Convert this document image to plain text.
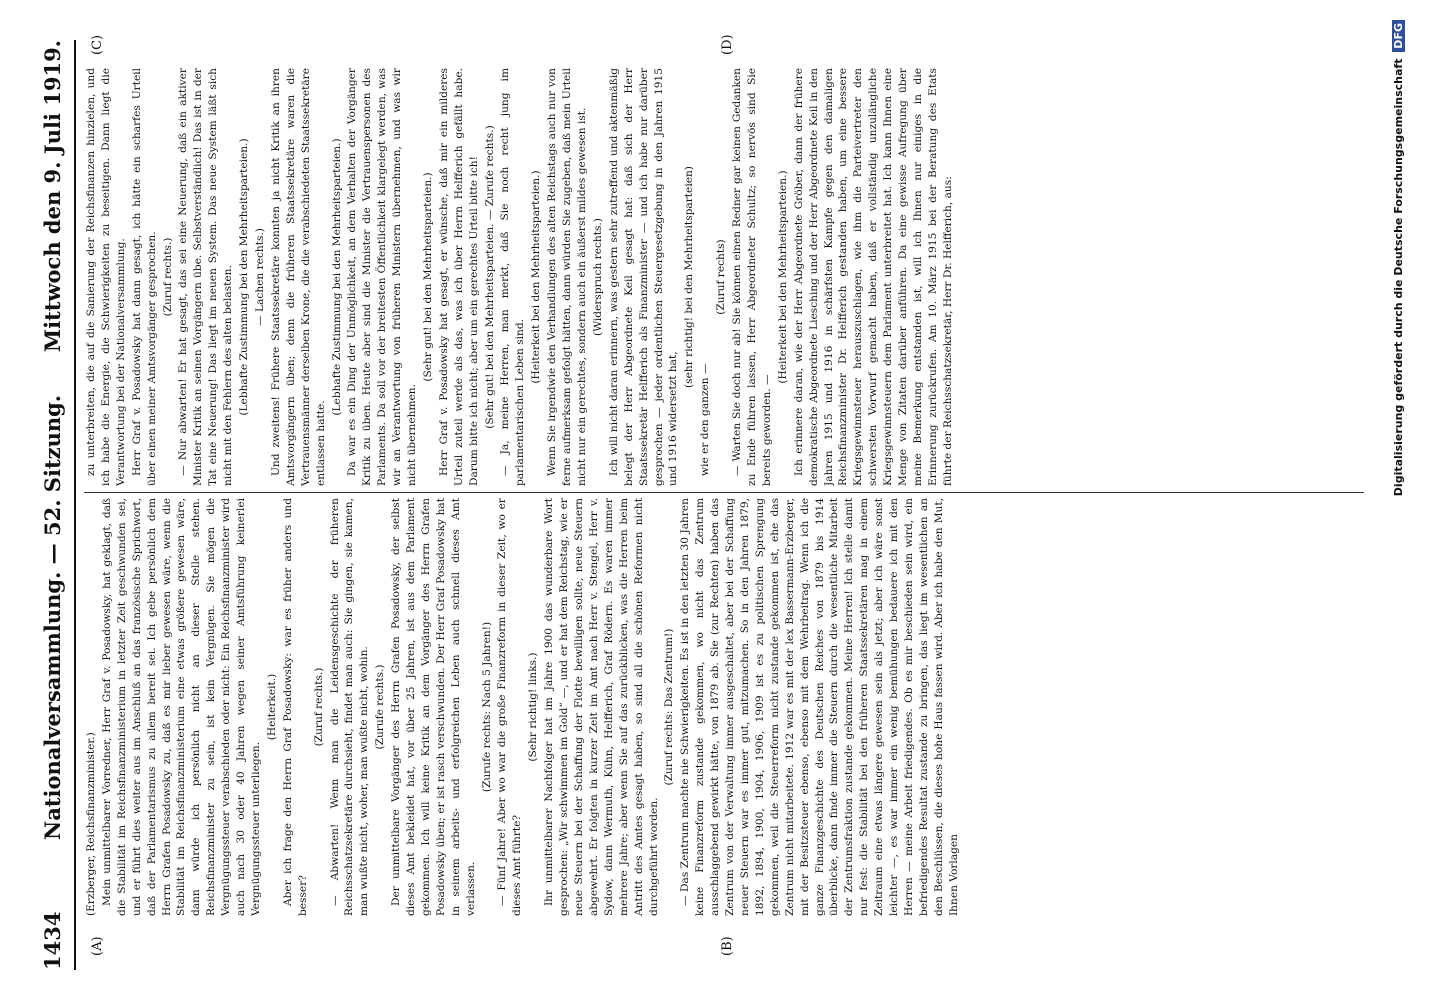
1434
Nationalversammlung. — 52. Sitzung.
Mittwoch den 9. Juli 1919.
(A)	(B)
(C)	(D)

(Erzberger, Reichsfinanzminister.) Mein unmittelbarer Vorredner, Herr Graf v. Posadowsky, hat geklagt, daß die Stabilität im Reichsfinanzministerium in letzter Zeit geschwunden sei, und er führt dies weiter aus im Anschluß an das französische Sprichwort, daß der Parlamentarismus zu allem bereit sei. Ich gebe persönlich dem Herrn Grafen Posadowsky zu, daß es mir lieber gewesen wäre, wenn die Stabilität im Reichsfinanzministerium eine etwas größere gewesen wäre, dann würde ich persönlich nicht an dieser Stelle stehen. Reichsfinanzminister zu sein, ist kein Vergnügen. Sie mögen die Vergnügungssteuer verabschieden oder nicht: Ein Reichsfinanzminister wird auch nach 30 oder 40 Jahren wegen seiner Amtsführung keinerlei Vergnügungssteuer unterliegen.

(Heiterkeit.) Aber ich frage den Herrn Graf Posadowsky: war es früher anders und besser?

(Zuruf rechts.) — Abwarten! Wenn man die Leidensgeschichte der früheren Reichsschatzsekretäre durchsieht, findet man auch: Sie gingen, sie kamen, man wußte nicht, woher, man wußte nicht, wohin. (Zurufe rechts.) Der unmittelbare Vorgänger des Herrn Grafen Posadowsky, der selbst dieses Amt bekleidet hat, vor über 25 Jahren, ist aus dem Parlament gekommen. Ich will keine Kritik an dem Vorgänger des Herrn Grafen Posadowsky üben; er ist rasch verschwunden. Der Herr Graf Posadowsky hat in seinem arbeits- und erfolgreichen Leben auch schnell dieses Amt verlassen.

(Zurufe rechts: Nach 5 Jahren!) — Fünf Jahre! Aber wo war die große Finanzreform in dieser Zeit, wo er dieses Amt führte?

(Sehr richtig! links.) Ihr unmittelbarer Nachfolger hat im Jahre 1900 das wunderbare Wort gesprochen: „Wir schwimmen im Gold“ —, und er hat dem Reichstag, wie er neue Steuern bei der Schaffung der Flotte bewilligen sollte, neue Steuern abgewehrt. Er folgten in kurzer Zeit im Amt nach Herr v. Stengel, Herr v. Sydow, dann Wermuth, Kühn, Helfferich, Graf Rödern. Es waren immer mehrere Jahre; aber wenn Sie auf das zurückblicken, was die Herren beim Antritt des Amtes gesagt haben, so sind all die schönen Reformen nicht durchgeführt worden.

(Zuruf rechts: Das Zentrum!) — Das Zentrum machte nie Schwierigkeiten. Es ist in den letzten 30 Jahren keine Finanzreform zustande gekommen, wo nicht das Zentrum ausschlaggebend gewirkt hätte, von 1879 ab. Sie (zur Rechten) haben das Zentrum von der Verwaltung immer ausgeschaltet, aber bei der Schaffung neuer Steuern war es immer gut, mitzumachen. So in den Jahren 1879, 1892, 1894, 1900, 1904, 1906, 1909 ist es zu politischen Sprengung gekommen, weil die Steuerreform nicht zustande gekommen ist, ehe das Zentrum nicht mitarbeitete. 1912 war es mit der lex Bassermann-Erzberger, mit der Besitzsteuer ebenso, ebenso mit dem Wehrbeitrag. Wenn ich die ganze Finanzgeschichte des Deutschen Reiches von 1879 bis 1914 überblicke, dann finde immer die Steuern durch die wesentliche Mitarbeit der Zentrumsfraktion zustande gekommen. Meine Herren! Ich stelle damit nur fest: die Stabilität bei den früheren Staatssekretären mag in einem Zeitraum eine etwas längere gewesen sein als jetzt; aber ich wäre sonst leichter —, es war immer ein wenig bemühungen bedauere ich mit den Herren — meine Arbeit friedigendes. Ob es mir beschieden sein wird, ein befriedigendes Resultat zustande zu bringen, das liegt im wesentlichen an den Beschlüssen, die dieses hohe Haus fassen wird. Aber ich habe den Mut, Ihnen Vorlagen

zu unterbreiten, die auf die Sanierung der Reichsfinanzen hinzielen, und ich habe die Energie, die Schwierigkeiten zu beseitigen. Dann liegt die Verantwortung bei der Nationalversammlung. Herr Graf v. Posadowsky hat dann gesagt, ich hätte ein scharfes Urteil über einen meiner Amtsvorgänger gesprochen. (Zuruf rechts.) — Nur abwarten! Er hat gesagt, das sei eine Neuerung, daß ein aktiver Minister Kritik an seinen Vorgängern übe. Selbstverständlich! Das ist in der Tat eine Neuerung! Das liegt im neuen System. Das neue System läßt sich nicht mit den Fehlern des alten belasten. (Lebhafte Zustimmung bei den Mehrheitsparteien.) — Lachen rechts.) Und zweitens! Frühere Staatssekretäre konnten ja nicht Kritik an ihren Amtsvorgängern üben; denn die früheren Staatssekretäre waren die Vertrauensmänner derselben Krone, die die verabschiedeten Staatssekretäre entlassen hatte.

(Lebhafte Zustimmung bei den Mehrheitsparteien.) Da war es ein Ding der Unmöglichkeit, an dem Verhalten der Vorgänger Kritik zu üben. Heute aber sind die Minister die Vertrauenspersonen des Parlaments. Da soll vor der breitesten Öffentlichkeit klargelegt werden, was wir an Verantwortung von früheren Ministern übernehmen, und was wir nicht übernehmen.

(Sehr gut! bei den Mehrheitsparteien.) Herr Graf v. Posadowsky hat gesagt, er wünsche, daß mir ein milderes Urteil zuteil werde als das, was ich über Herrn Helfferich gefällt habe. Darum bitte ich nicht; aber um ein gerechtes Urteil bitte ich! (Sehr gut! bei den Mehrheitsparteien. — Zurufe rechts.) — Ja, meine Herren, man merkt, daß Sie noch recht jung im parlamentarischen Leben sind.

(Heiterkeit bei den Mehrheitsparteien.) Wenn Sie irgendwie den Verhandlungen des alten Reichstags auch nur von ferne aufmerksam gefolgt hätten, dann würden Sie zugeben, daß mein Urteil nicht nur ein gerechtes, sondern auch ein äußerst mildes gewesen ist. (Widerspruch rechts.) Ich will nicht daran erinnern, was gestern sehr zutreffend und aktenmäßig belegt der Herr Abgeordnete Keil gesagt hat: daß sich der Herr Staatssekretär Helfferich als Finanzminister — und ich habe nur darüber gesprochen — jeder ordentlichen Steuergesetzgebung in den Jahren 1915 und 1916 widersetzt hat,

(sehr richtig! bei den Mehrheitsparteien)

wie er den ganzen —

(Zuruf rechts) — Warten Sie doch nur ab! Sie können einen Redner gar keinen Gedanken zu Ende führen lassen, Herr Abgeordneter Schultz; so nervös sind Sie bereits geworden. —

(Heiterkeit bei den Mehrheitsparteien.) Ich erinnere daran, wie der Herr Abgeordnete Gröber, dann der frühere demokratische Abgeordnete Liesching und der Herr Abgeordnete Keil in den Jahren 1915 und 1916 in schärfsten Kampfe gegen den damaligen Reichsfinanzminister Dr. Helfferich gestanden haben, um eine bessere Kriegsgewinnsteuer herauszuschlagen, wie ihm die Parteivertreter den schwersten Vorwurf gemacht haben, daß er vollständig unzulängliche Kriegsgewinnsteuern dem Parlament unterbreitet hat. Ich kann Ihnen eine Menge von Zitaten darüber anführen. Da eine gewisse Aufregung über meine Bemerkung entstanden ist, will ich Ihnen nur einiges in die Erinnerung zurückrufen. Am 10. März 1915 bei der Beratung des Etats führte der Reichsschatzsekretär, Herr Dr. Helfferich, aus:	Digitalisierung gefördert durch die Deutsche Forschungsgemeinschaft DFG
